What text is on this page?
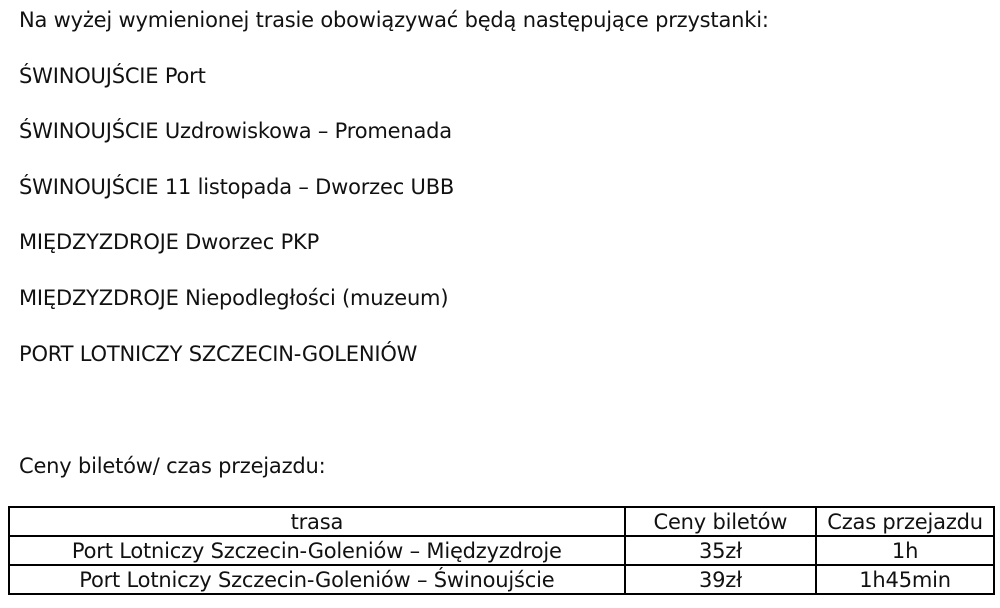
Na wyżej wymienionej trasie obowiązywać będą następujące przystanki:
ŚWINOUJŚCIE Port
ŚWINOUJŚCIE Uzdrowiskowa – Promenada
ŚWINOUJŚCIE 11 listopada – Dworzec UBB
MIĘDZYZDROJE Dworzec PKP
MIĘDZYZDROJE Niepodległości (muzeum)
PORT LOTNICZY SZCZECIN-GOLENIÓW
Ceny biletów/ czas przejazdu:
trasa	Ceny biletów	Czas przejazdu
Port Lotniczy Szczecin-Goleniów – Międzyzdroje	35zł	1h
Port Lotniczy Szczecin-Goleniów – Świnoujście	39zł	1h45min
